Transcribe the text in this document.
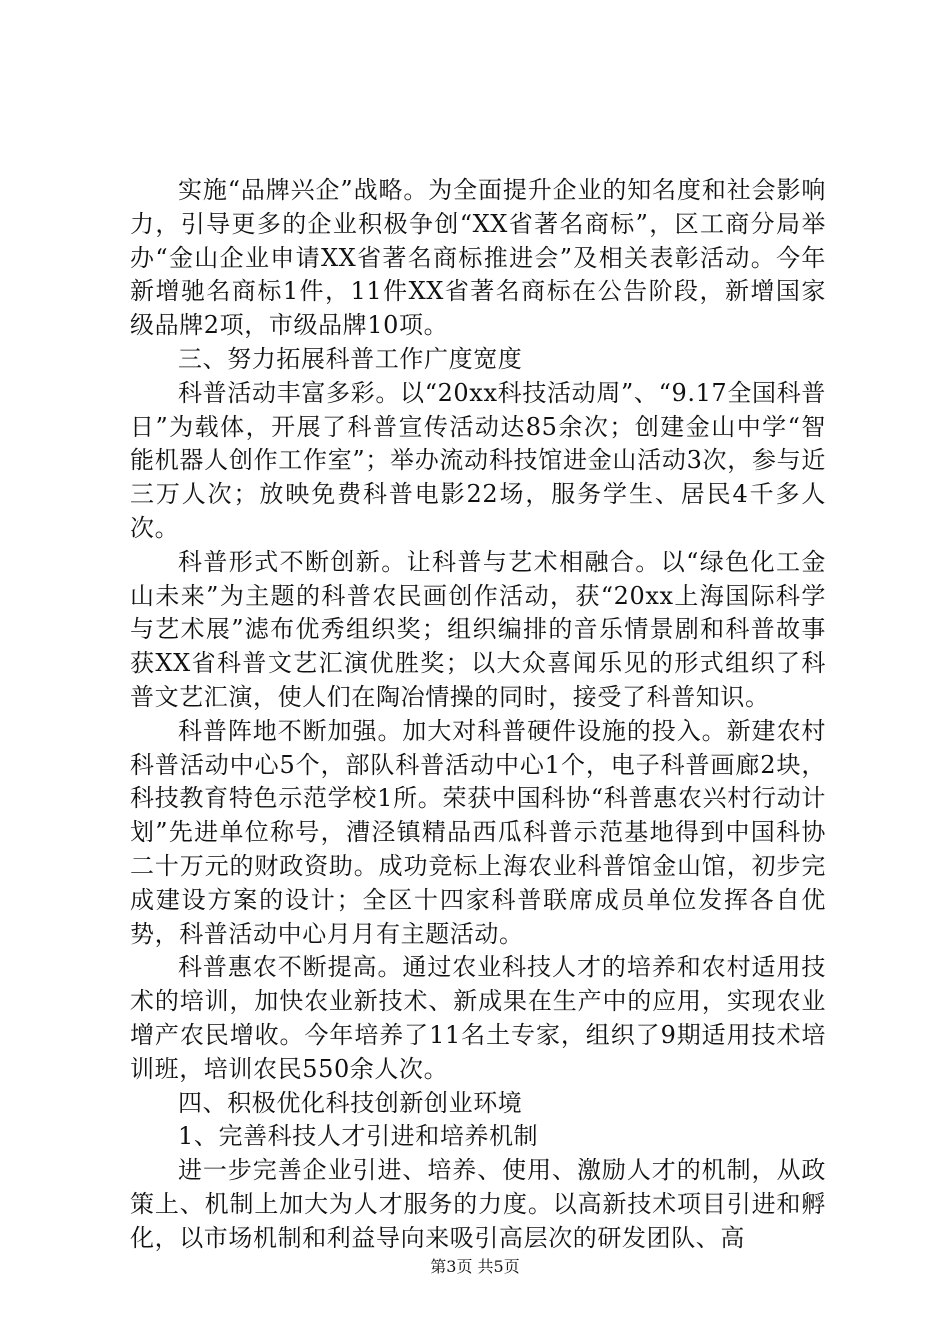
实施“品牌兴企”战略。为全面提升企业的知名度和社会影响力，引导更多的企业积极争创“XX省著名商标”，区工商分局举办“金山企业申请XX省著名商标推进会”及相关表彰活动。今年新增驰名商标1件，11件XX省著名商标在公告阶段，新增国家级品牌2项，市级品牌10项。

三、努力拓展科普工作广度宽度

科普活动丰富多彩。以“20xx科技活动周”、“9.17全国科普日”为载体，开展了科普宣传活动达85余次；创建金山中学“智能机器人创作工作室”；举办流动科技馆进金山活动3次，参与近三万人次；放映免费科普电影22场，服务学生、居民4千多人次。

科普形式不断创新。让科普与艺术相融合。以“绿色化工金山未来”为主题的科普农民画创作活动，获“20xx上海国际科学与艺术展”滤布优秀组织奖；组织编排的音乐情景剧和科普故事获XX省科普文艺汇演优胜奖；以大众喜闻乐见的形式组织了科普文艺汇演，使人们在陶冶情操的同时，接受了科普知识。

科普阵地不断加强。加大对科普硬件设施的投入。新建农村科普活动中心5个，部队科普活动中心1个，电子科普画廊2块，科技教育特色示范学校1所。荣获中国科协“科普惠农兴村行动计划”先进单位称号，漕泾镇精品西瓜科普示范基地得到中国科协二十万元的财政资助。成功竞标上海农业科普馆金山馆，初步完成建设方案的设计；全区十四家科普联席成员单位发挥各自优势，科普活动中心月月有主题活动。

科普惠农不断提高。通过农业科技人才的培养和农村适用技术的培训，加快农业新技术、新成果在生产中的应用，实现农业增产农民增收。今年培养了11名土专家，组织了9期适用技术培训班，培训农民550余人次。

四、积极优化科技创新创业环境

1、完善科技人才引进和培养机制

进一步完善企业引进、培养、使用、激励人才的机制，从政策上、机制上加大为人才服务的力度。以高新技术项目引进和孵化，以市场机制和利益导向来吸引高层次的研发团队、高

第3页 共5页
